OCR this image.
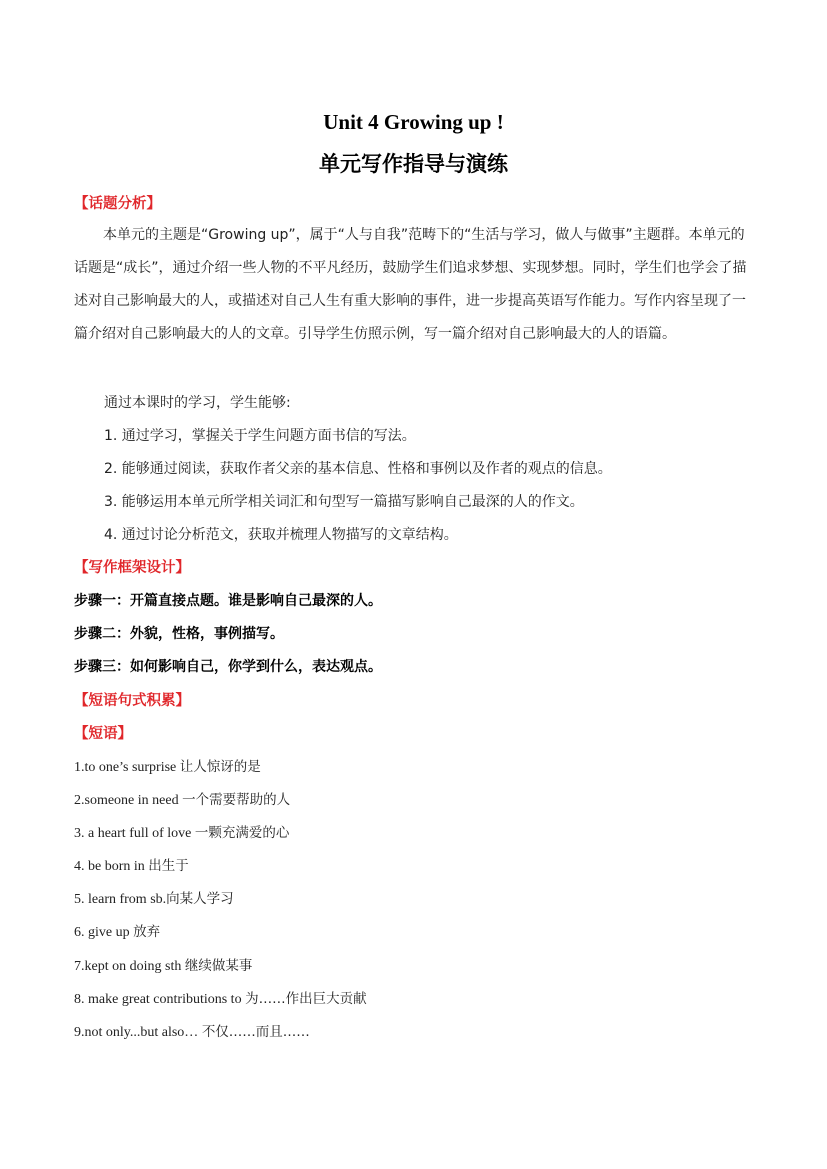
Unit 4 Growing up !
单元写作指导与演练
【话题分析】
本单元的主题是“Growing up”，属于“人与自我”范畴下的“生活与学习，做人与做事”主题群。本单元的话题是“成长”，通过介绍一些人物的不平凡经历，鼓励学生们追求梦想、实现梦想。同时，学生们也学会了描述对自己影响最大的人，或描述对自己人生有重大影响的事件，进一步提高英语写作能力。写作内容呈现了一篇介绍对自己影响最大的人的文章。引导学生仿照示例，写一篇介绍对自己影响最大的人的语篇。
通过本课时的学习，学生能够:
1. 通过学习，掌握关于学生问题方面书信的写法。
2. 能够通过阅读，获取作者父亲的基本信息、性格和事例以及作者的观点的信息。
3. 能够运用本单元所学相关词汇和句型写一篇描写影响自己最深的人的作文。
4. 通过讨论分析范文，获取并梳理人物描写的文章结构。
【写作框架设计】
步骤一：开篇直接点题。谁是影响自己最深的人。
步骤二：外貌，性格，事例描写。
步骤三：如何影响自己，你学到什么，表达观点。
【短语句式积累】
【短语】
1.to one’s surprise 让人惊讶的是
2.someone in need 一个需要帮助的人
3. a heart full of love 一颗充满爱的心
4. be born in 出生于
5. learn from sb.向某人学习
6. give up 放弃
7.kept on doing sth 继续做某事
8. make great contributions to 为……作出巨大贡献
9.not only...but also… 不仅……而且……
